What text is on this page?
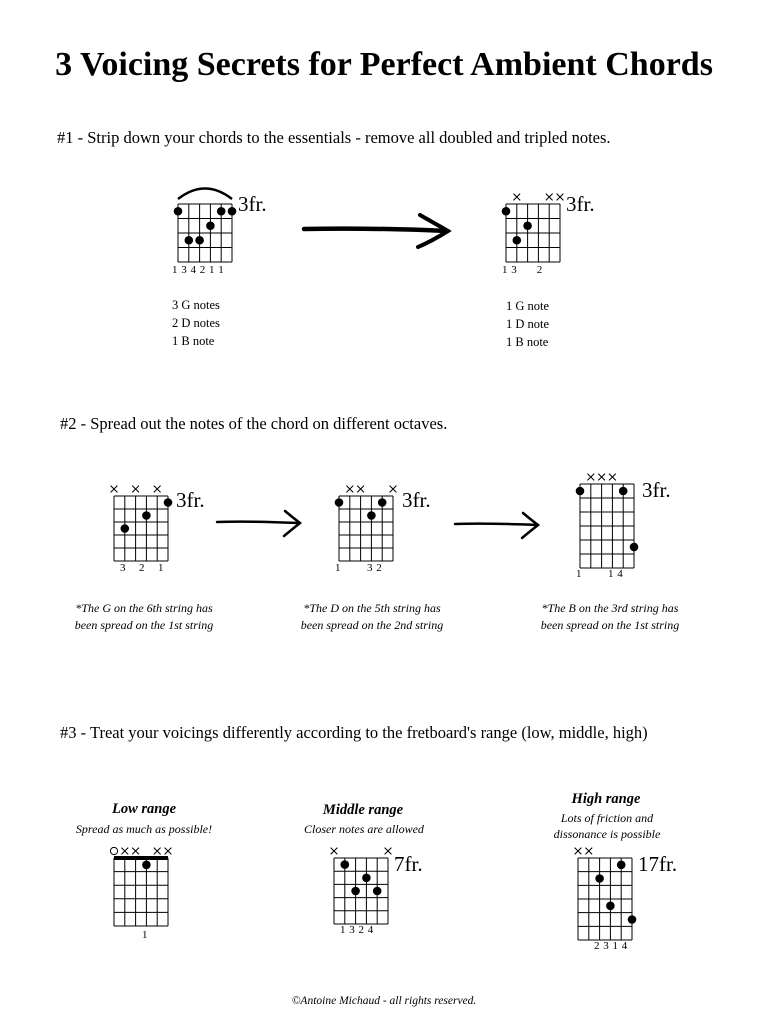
3 Voicing Secrets for Perfect Ambient Chords
#1 - Strip down your chords to the essentials - remove all doubled and tripled notes.
3fr.
1 3 4 2 1 1
3 G notes
2 D notes
1 B note
3fr.
1 3      2
1 G note
1 D note
1 B note
#2 - Spread out the notes of the chord on different octaves.
3fr.
3    2    1
*The G on the 6th string has
been spread on the 1st string
3fr.
1        3 2
*The D on the 5th string has
been spread on the 2nd string
3fr.
1        1 4
*The B on the 3rd string has
been spread on the 1st string
#3 - Treat your voicings differently according to the fretboard's range (low, middle, high)
Low range
Spread as much as possible!
1
Middle range
Closer notes are allowed
7fr.
1 3 2 4
High range
Lots of friction and
dissonance is possible
17fr.
2 3 1 4
©Antoine Michaud - all rights reserved.
